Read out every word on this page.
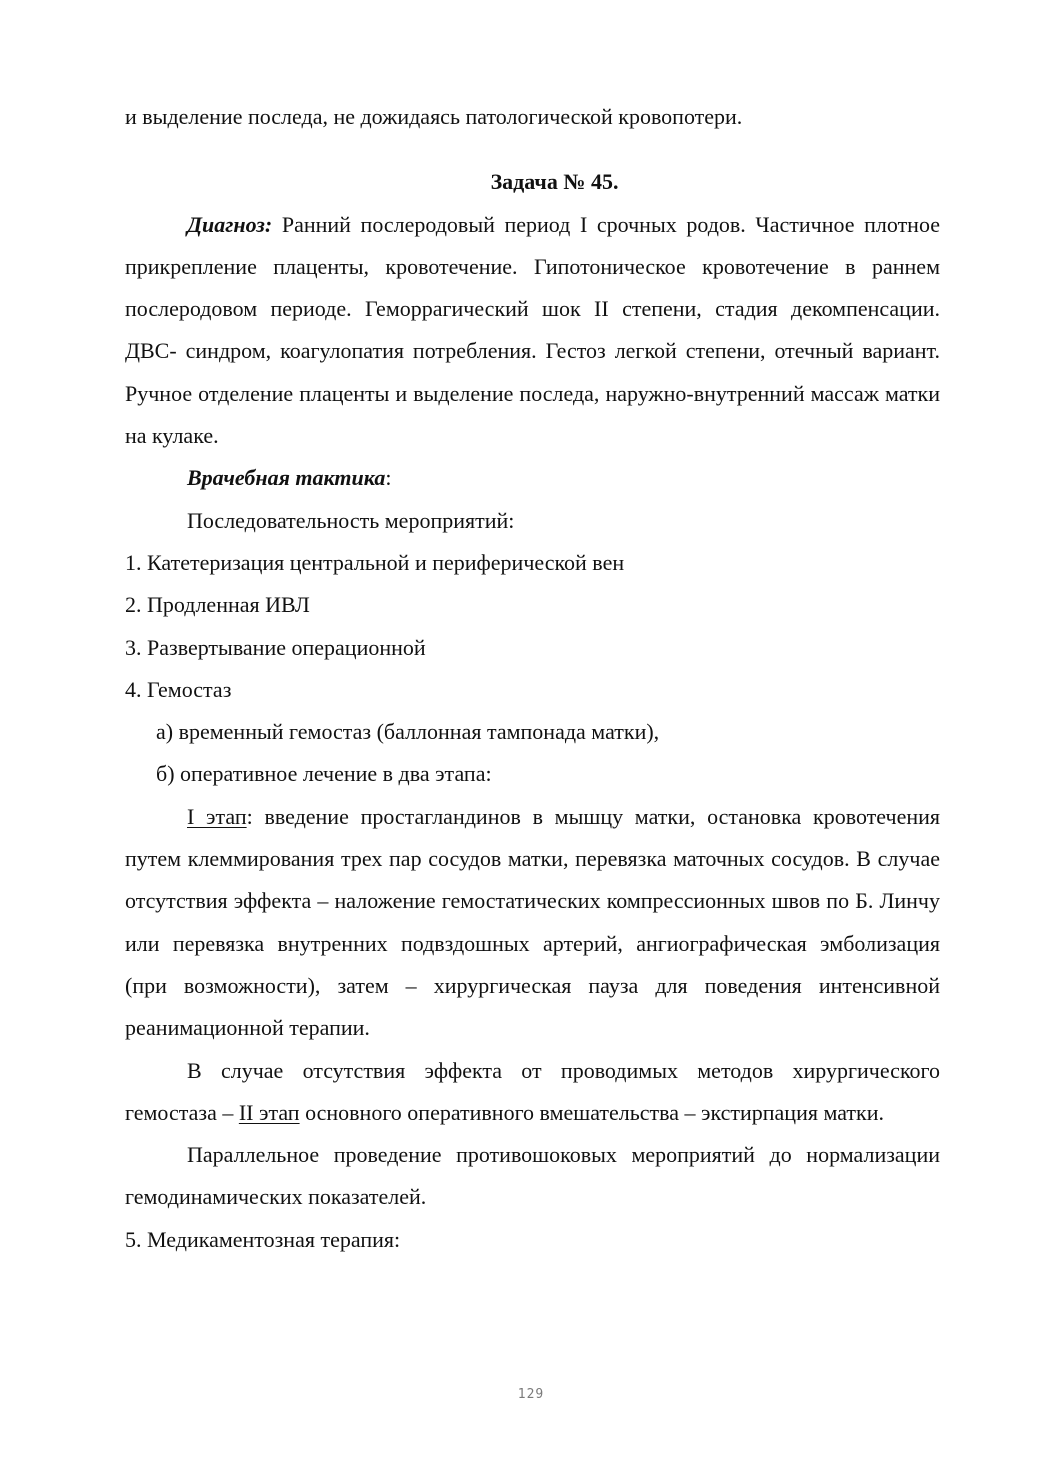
и выделение последа, не дожидаясь патологической кровопотери.

Задача № 45.

Диагноз: Ранний послеродовый период I срочных родов. Частичное плотное прикрепление плаценты, кровотечение. Гипотоническое кровотечение в раннем послеродовом периоде. Геморрагический шок II степени, стадия декомпенсации. ДВС- синдром, коагулопатия потребления. Гестоз легкой степени, отечный вариант. Ручное отделение плаценты и выделение последа, наружно-внутренний массаж матки на кулаке.

Врачебная тактика:

Последовательность мероприятий:

1. Катетеризация центральной и периферической вен

2. Продленная ИВЛ

3. Развертывание операционной

4. Гемостаз

а) временный гемостаз (баллонная тампонада матки),

б) оперативное лечение в два этапа:

I этап: введение простагландинов в мышцу матки, остановка кровотечения путем клеммирования трех пар сосудов матки, перевязка маточных сосудов. В случае отсутствия эффекта – наложение гемостатических компрессионных швов по Б. Линчу или перевязка внутренних подвздошных артерий, ангиографическая эмболизация (при возможности), затем – хирургическая пауза для поведения интенсивной реанимационной терапии.

В случае отсутствия эффекта от проводимых методов хирургического гемостаза – II этап основного оперативного вмешательства – экстирпация матки.

Параллельное проведение противошоковых мероприятий до нормализации гемодинамических показателей.

5. Медикаментозная терапия:

129
